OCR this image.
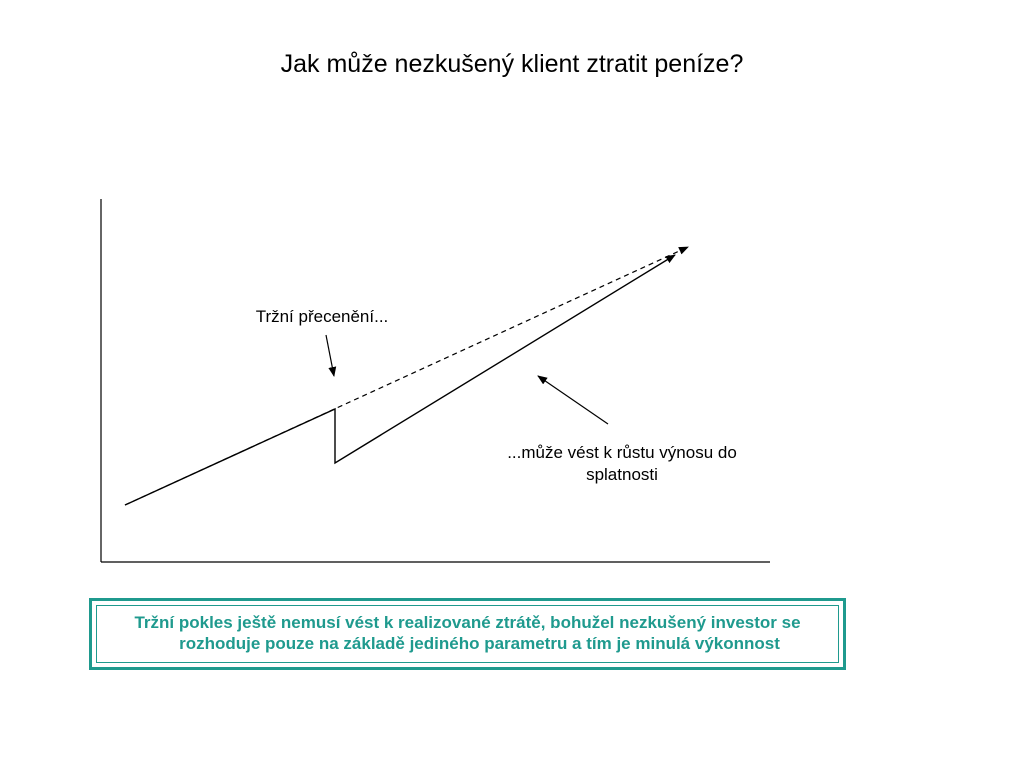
Jak může nezkušený klient ztratit peníze?
Tržní přecenění...
...může vést k růstu výnosu do
splatnosti
Tržní pokles ještě nemusí vést k realizované ztrátě, bohužel nezkušený investor se rozhoduje pouze na základě jediného parametru a tím je minulá výkonnost
